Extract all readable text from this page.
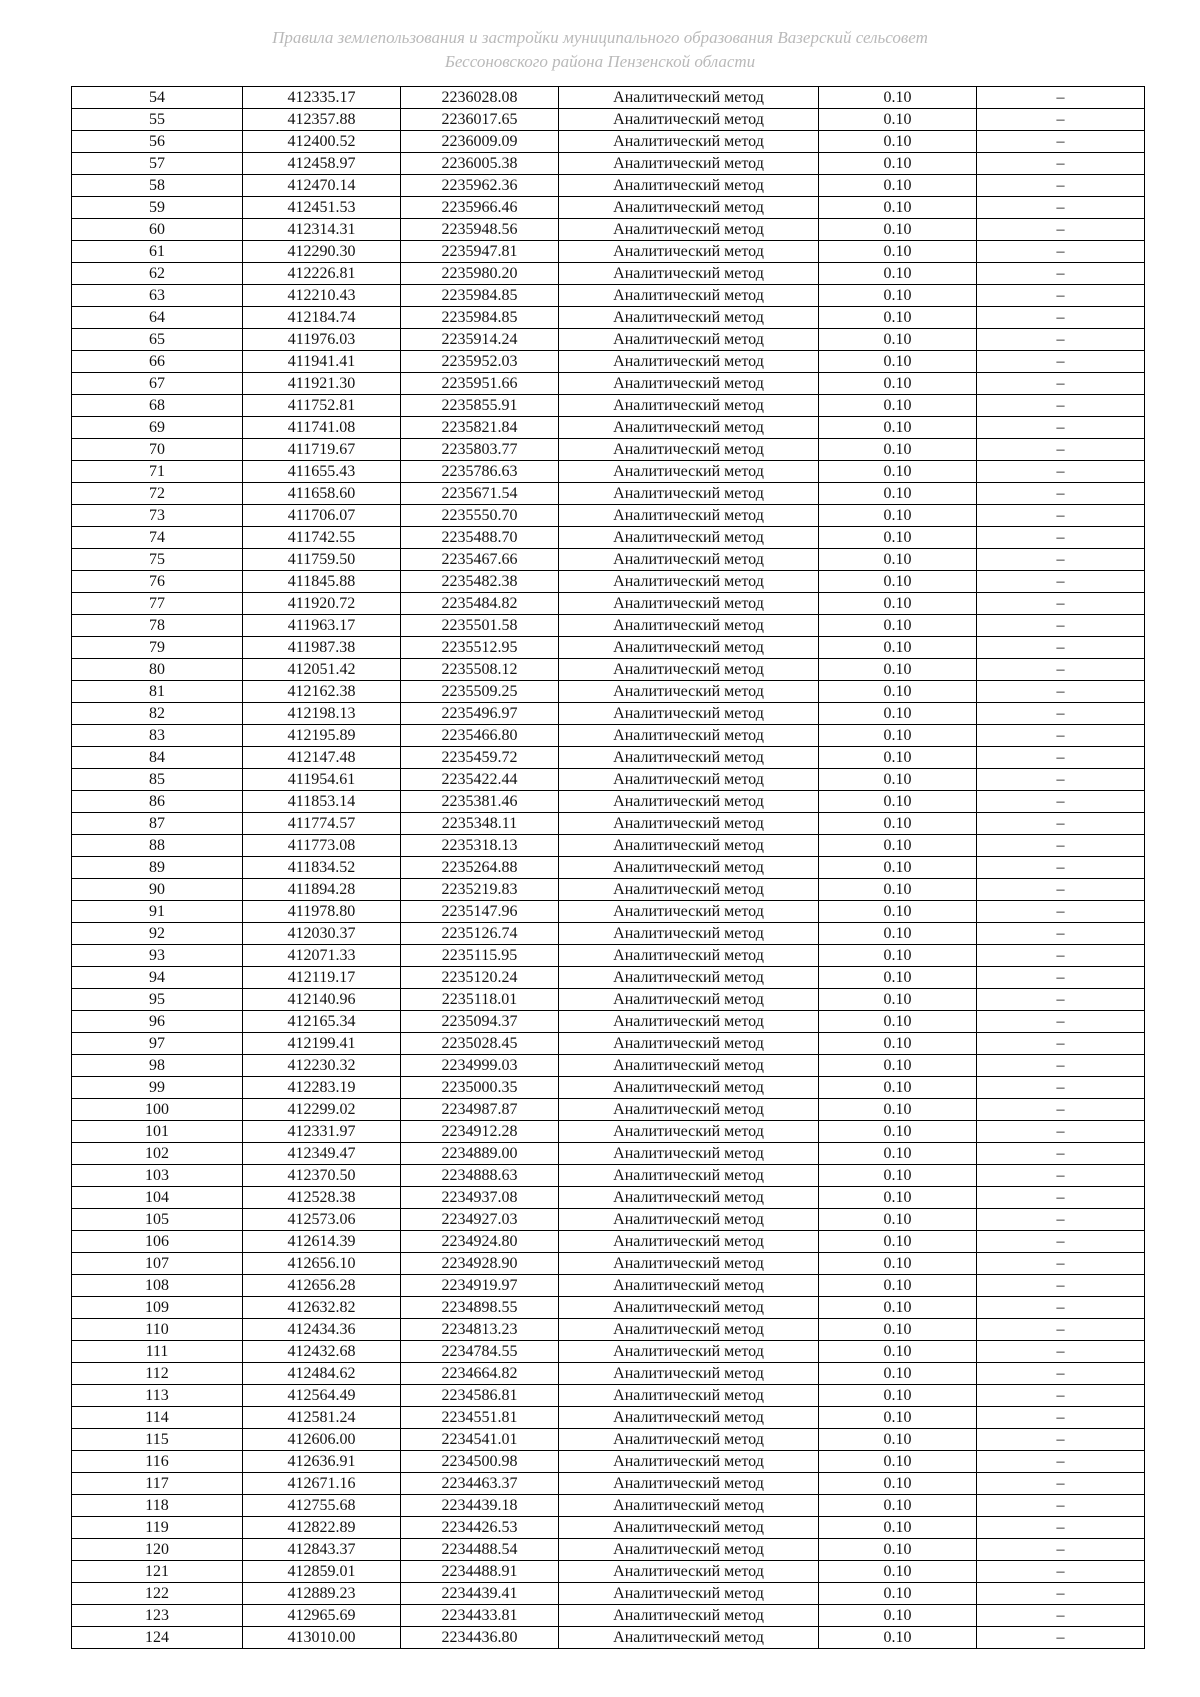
Правила землепользования и застройки муниципального образования Вазерский сельсовет
Бессоновского района Пензенской области
54	412335.17	2236028.08	Аналитический метод	0.10	–
55	412357.88	2236017.65	Аналитический метод	0.10	–
56	412400.52	2236009.09	Аналитический метод	0.10	–
57	412458.97	2236005.38	Аналитический метод	0.10	–
58	412470.14	2235962.36	Аналитический метод	0.10	–
59	412451.53	2235966.46	Аналитический метод	0.10	–
60	412314.31	2235948.56	Аналитический метод	0.10	–
61	412290.30	2235947.81	Аналитический метод	0.10	–
62	412226.81	2235980.20	Аналитический метод	0.10	–
63	412210.43	2235984.85	Аналитический метод	0.10	–
64	412184.74	2235984.85	Аналитический метод	0.10	–
65	411976.03	2235914.24	Аналитический метод	0.10	–
66	411941.41	2235952.03	Аналитический метод	0.10	–
67	411921.30	2235951.66	Аналитический метод	0.10	–
68	411752.81	2235855.91	Аналитический метод	0.10	–
69	411741.08	2235821.84	Аналитический метод	0.10	–
70	411719.67	2235803.77	Аналитический метод	0.10	–
71	411655.43	2235786.63	Аналитический метод	0.10	–
72	411658.60	2235671.54	Аналитический метод	0.10	–
73	411706.07	2235550.70	Аналитический метод	0.10	–
74	411742.55	2235488.70	Аналитический метод	0.10	–
75	411759.50	2235467.66	Аналитический метод	0.10	–
76	411845.88	2235482.38	Аналитический метод	0.10	–
77	411920.72	2235484.82	Аналитический метод	0.10	–
78	411963.17	2235501.58	Аналитический метод	0.10	–
79	411987.38	2235512.95	Аналитический метод	0.10	–
80	412051.42	2235508.12	Аналитический метод	0.10	–
81	412162.38	2235509.25	Аналитический метод	0.10	–
82	412198.13	2235496.97	Аналитический метод	0.10	–
83	412195.89	2235466.80	Аналитический метод	0.10	–
84	412147.48	2235459.72	Аналитический метод	0.10	–
85	411954.61	2235422.44	Аналитический метод	0.10	–
86	411853.14	2235381.46	Аналитический метод	0.10	–
87	411774.57	2235348.11	Аналитический метод	0.10	–
88	411773.08	2235318.13	Аналитический метод	0.10	–
89	411834.52	2235264.88	Аналитический метод	0.10	–
90	411894.28	2235219.83	Аналитический метод	0.10	–
91	411978.80	2235147.96	Аналитический метод	0.10	–
92	412030.37	2235126.74	Аналитический метод	0.10	–
93	412071.33	2235115.95	Аналитический метод	0.10	–
94	412119.17	2235120.24	Аналитический метод	0.10	–
95	412140.96	2235118.01	Аналитический метод	0.10	–
96	412165.34	2235094.37	Аналитический метод	0.10	–
97	412199.41	2235028.45	Аналитический метод	0.10	–
98	412230.32	2234999.03	Аналитический метод	0.10	–
99	412283.19	2235000.35	Аналитический метод	0.10	–
100	412299.02	2234987.87	Аналитический метод	0.10	–
101	412331.97	2234912.28	Аналитический метод	0.10	–
102	412349.47	2234889.00	Аналитический метод	0.10	–
103	412370.50	2234888.63	Аналитический метод	0.10	–
104	412528.38	2234937.08	Аналитический метод	0.10	–
105	412573.06	2234927.03	Аналитический метод	0.10	–
106	412614.39	2234924.80	Аналитический метод	0.10	–
107	412656.10	2234928.90	Аналитический метод	0.10	–
108	412656.28	2234919.97	Аналитический метод	0.10	–
109	412632.82	2234898.55	Аналитический метод	0.10	–
110	412434.36	2234813.23	Аналитический метод	0.10	–
111	412432.68	2234784.55	Аналитический метод	0.10	–
112	412484.62	2234664.82	Аналитический метод	0.10	–
113	412564.49	2234586.81	Аналитический метод	0.10	–
114	412581.24	2234551.81	Аналитический метод	0.10	–
115	412606.00	2234541.01	Аналитический метод	0.10	–
116	412636.91	2234500.98	Аналитический метод	0.10	–
117	412671.16	2234463.37	Аналитический метод	0.10	–
118	412755.68	2234439.18	Аналитический метод	0.10	–
119	412822.89	2234426.53	Аналитический метод	0.10	–
120	412843.37	2234488.54	Аналитический метод	0.10	–
121	412859.01	2234488.91	Аналитический метод	0.10	–
122	412889.23	2234439.41	Аналитический метод	0.10	–
123	412965.69	2234433.81	Аналитический метод	0.10	–
124	413010.00	2234436.80	Аналитический метод	0.10	–
